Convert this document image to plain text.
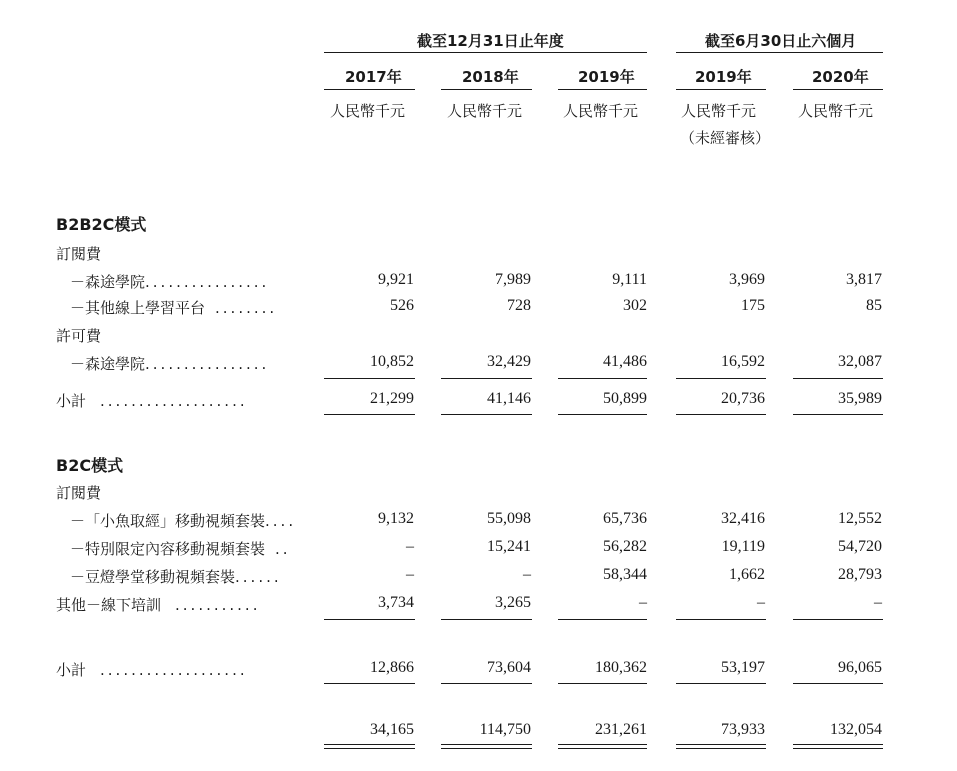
截至12月31日止年度	截至6月30日止六個月
2017年	2018年	2019年	2019年	2020年
人民幣千元	人民幣千元	人民幣千元	人民幣千元	人民幣千元
（未經審核）
B2B2C模式
訂閱費
－森途學院................	9,921	7,989	9,111	3,969	3,817
－其他線上學習平台 ........	526	728	302	175	85
許可費
－森途學院................	10,852	32,429	41,486	16,592	32,087
小計 ...................	21,299	41,146	50,899	20,736	35,989
B2C模式
訂閱費
－「小魚取經」移動視頻套裝....	9,132	55,098	65,736	32,416	12,552
－特別限定內容移動視頻套裝 ..	–	15,241	56,282	19,119	54,720
－豆燈學堂移動視頻套裝......	–	–	58,344	1,662	28,793
其他－線下培訓 ...........	3,734	3,265	–	–	–
小計 ...................	12,866	73,604	180,362	53,197	96,065
34,165	114,750	231,261	73,933	132,054
